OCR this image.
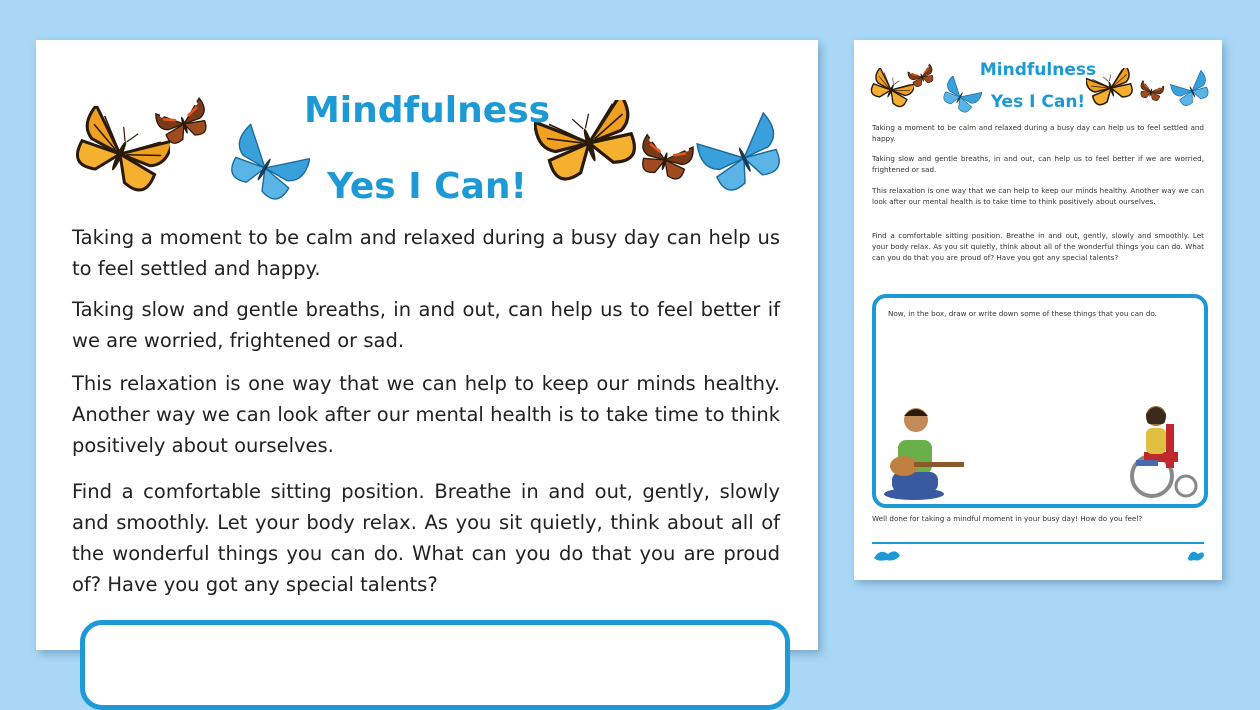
Mindfulness
Yes I Can!

Taking a moment to be calm and relaxed during a busy day can help us to feel settled and happy.

Taking slow and gentle breaths, in and out, can help us to feel better if we are worried, frightened or sad.

This relaxation is one way that we can help to keep our minds healthy. Another way we can look after our mental health is to take time to think positively about ourselves.

Find a comfortable sitting position. Breathe in and out, gently, slowly and smoothly. Let your body relax. As you sit quietly, think about all of the wonderful things you can do. What can you do that you are proud of? Have you got any special talents?

Mindfulness
Yes I Can!

Taking a moment to be calm and relaxed during a busy day can help us to feel settled and happy.

Taking slow and gentle breaths, in and out, can help us to feel better if we are worried, frightened or sad.

This relaxation is one way that we can help to keep our minds healthy. Another way we can look after our mental health is to take time to think positively about ourselves.

Find a comfortable sitting position. Breathe in and out, gently, slowly and smoothly. Let your body relax. As you sit quietly, think about all of the wonderful things you can do. What can you do that you are proud of? Have you got any special talents?

Now, in the box, draw or write down some of these things that you can do.
Well done for taking a mindful moment in your busy day! How do you feel?
